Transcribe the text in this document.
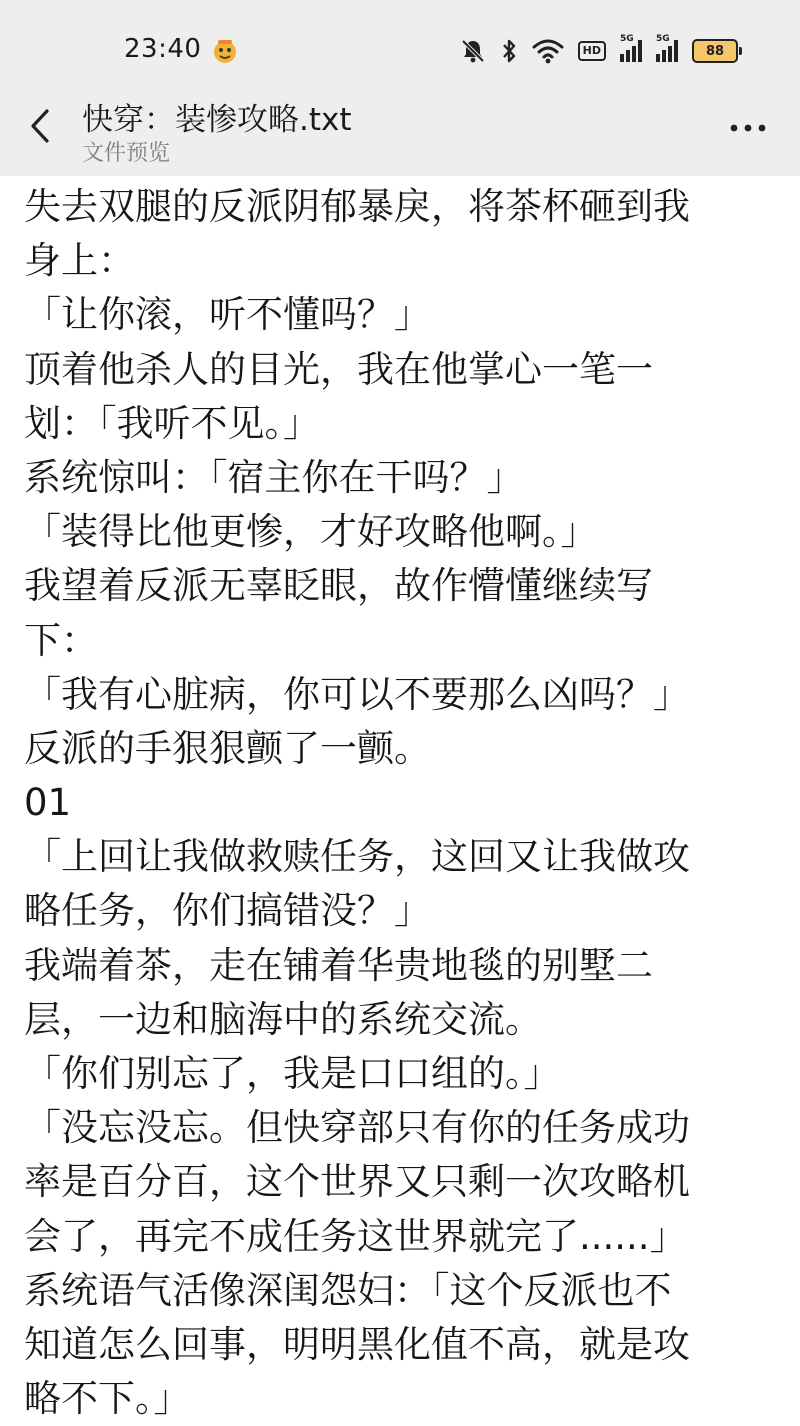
23:40	HD
5G 5G
88
快穿：装惨攻略.txt
文件预览
失去双腿的反派阴郁暴戾，将茶杯砸到我
身上：
「让你滚，听不懂吗？」
顶着他杀人的目光，我在他掌心一笔一
划：「我听不见。」
系统惊叫：「宿主你在干吗？」
「装得比他更惨，才好攻略他啊。」
我望着反派无辜眨眼，故作懵懂继续写
下：
「我有心脏病，你可以不要那么凶吗？」
反派的手狠狠颤了一颤。
01
「上回让我做救赎任务，这回又让我做攻
略任务，你们搞错没？」
我端着茶，走在铺着华贵地毯的别墅二
层，一边和脑海中的系统交流。
「你们别忘了，我是口口组的。」
「没忘没忘。但快穿部只有你的任务成功
率是百分百，这个世界又只剩一次攻略机
会了，再完不成任务这世界就完了......」
系统语气活像深闺怨妇：「这个反派也不
知道怎么回事，明明黑化值不高，就是攻
略不下。」
